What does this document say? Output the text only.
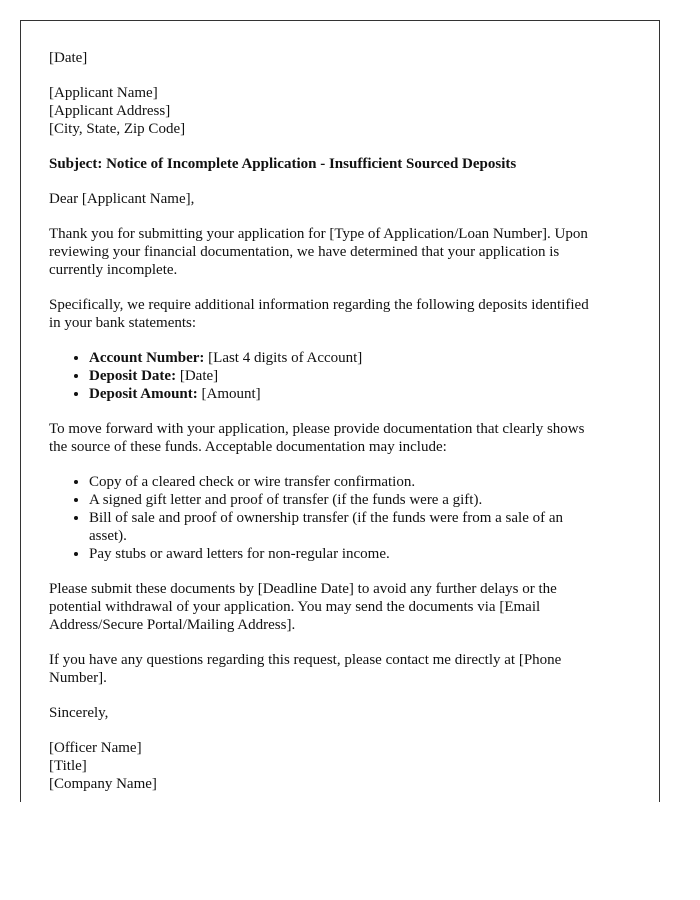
[Date]

[Applicant Name]
[Applicant Address]
[City, State, Zip Code]

Subject: Notice of Incomplete Application - Insufficient Sourced Deposits

Dear [Applicant Name],

Thank you for submitting your application for [Type of Application/Loan Number]. Upon
reviewing your financial documentation, we have determined that your application is
currently incomplete.

Specifically, we require additional information regarding the following deposits identified
in your bank statements:

• Account Number: [Last 4 digits of Account]
• Deposit Date: [Date]
• Deposit Amount: [Amount]

To move forward with your application, please provide documentation that clearly shows
the source of these funds. Acceptable documentation may include:

• Copy of a cleared check or wire transfer confirmation.
• A signed gift letter and proof of transfer (if the funds were a gift).
• Bill of sale and proof of ownership transfer (if the funds were from a sale of an
asset).
• Pay stubs or award letters for non-regular income.

Please submit these documents by [Deadline Date] to avoid any further delays or the
potential withdrawal of your application. You may send the documents via [Email
Address/Secure Portal/Mailing Address].

If you have any questions regarding this request, please contact me directly at [Phone
Number].

Sincerely,

[Officer Name]
[Title]
[Company Name]
